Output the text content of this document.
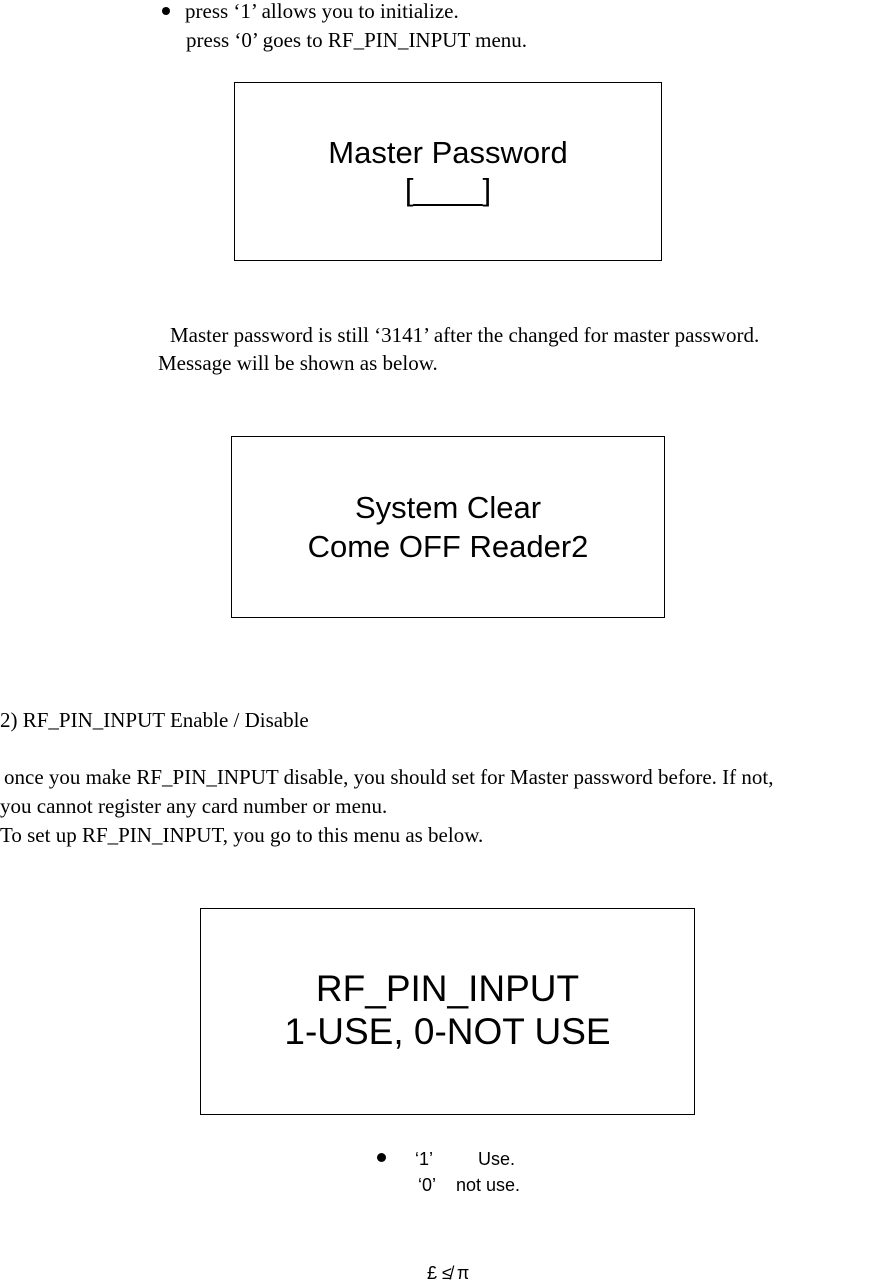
press ‘1’ allows you to initialize.
press ‘0’ goes to RF_PIN_INPUT menu.
Master Password
[____]
Master password is still ‘3141’ after the changed for master password.
Message will be shown as below.
System Clear
Come OFF Reader2
2) RF_PIN_INPUT Enable / Disable
once you make RF_PIN_INPUT disable, you should set for Master password before. If not,
you cannot register any card number or menu.
To set up RF_PIN_INPUT, you go to this menu as below.
RF_PIN_INPUT
1-USE, 0-NOT USE
‘1’ Use.
‘0’ not use.
£ ≰ π
